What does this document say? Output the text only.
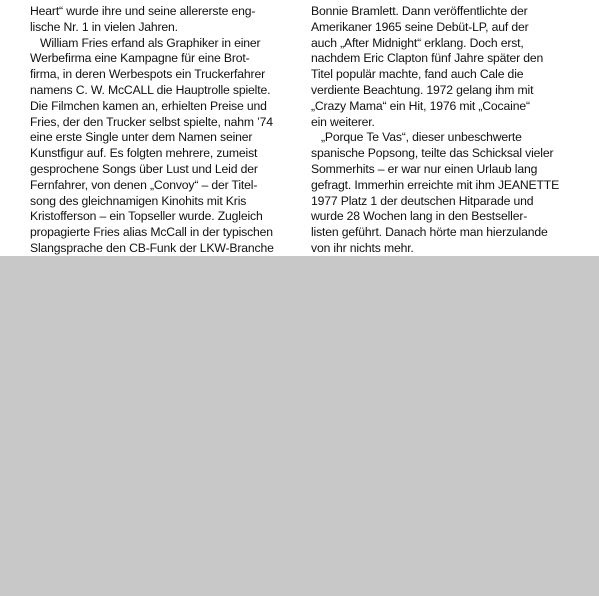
Heart“ wurde ihre und seine allererste eng-
lische Nr. 1 in vielen Jahren.
William Fries erfand als Graphiker in einer
Werbefirma eine Kampagne für eine Brot-
firma, in deren Werbespots ein Truckerfahrer
namens C. W. McCALL die Hauptrolle spielte.
Die Filmchen kamen an, erhielten Preise und
Fries, der den Trucker selbst spielte, nahm ’74
eine erste Single unter dem Namen seiner
Kunstfigur auf. Es folgten mehrere, zumeist
gesprochene Songs über Lust und Leid der
Fernfahrer, von denen „Convoy“ – der Titel-
song des gleichnamigen Kinohits mit Kris
Kristofferson – ein Topseller wurde. Zugleich
propagierte Fries alias McCall in der typischen
Slangsprache den CB-Funk der LKW-Branche
Bonnie Bramlett. Dann veröffentlichte der
Amerikaner 1965 seine Debüt-LP, auf der
auch „After Midnight“ erklang. Doch erst,
nachdem Eric Clapton fünf Jahre später den
Titel populär machte, fand auch Cale die
verdiente Beachtung. 1972 gelang ihm mit
„Crazy Mama“ ein Hit, 1976 mit „Cocaine“
ein weiterer.
„Porque Te Vas“, dieser unbeschwerte
spanische Popsong, teilte das Schicksal vieler
Sommerhits – er war nur einen Urlaub lang
gefragt. Immerhin erreichte mit ihm JEANETTE
1977 Platz 1 der deutschen Hitparade und
wurde 28 Wochen lang in den Bestseller-
listen geführt. Danach hörte man hierzulande
von ihr nichts mehr.
